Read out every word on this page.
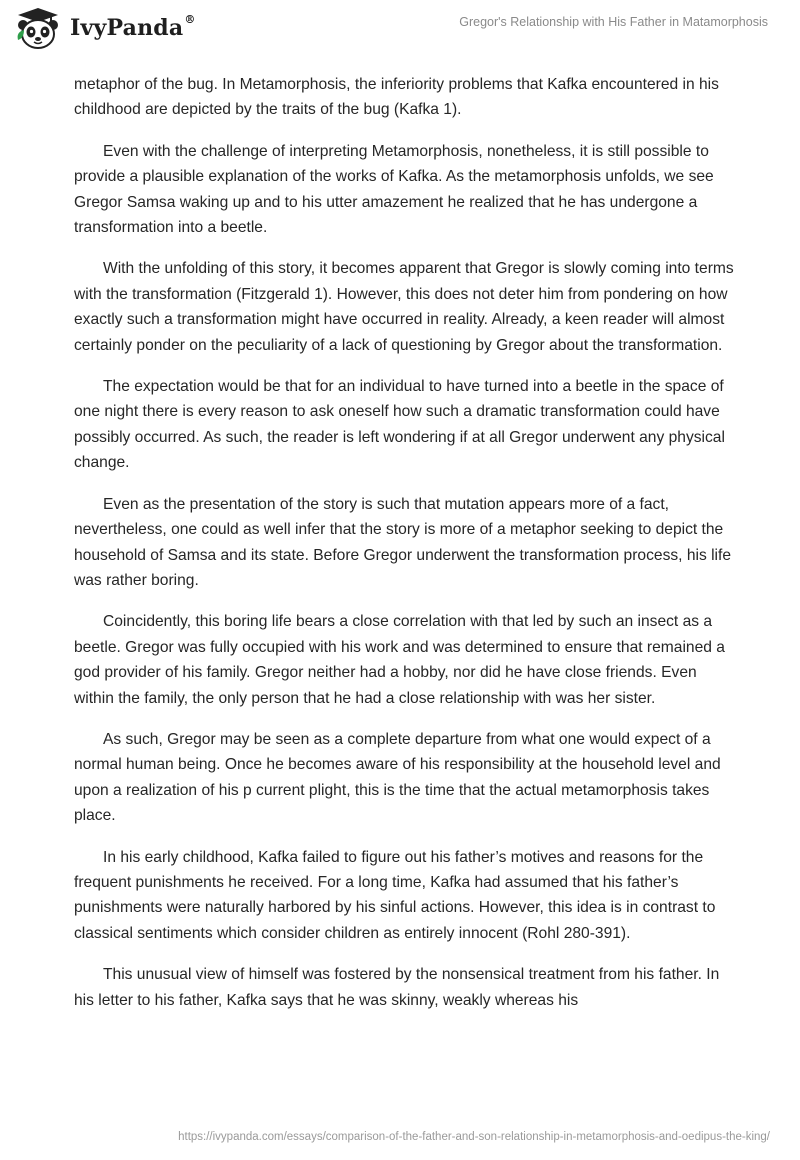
IvyPanda®	Gregor's Relationship with His Father in Matamorphosis

metaphor of the bug. In Metamorphosis, the inferiority problems that Kafka encountered in his childhood are depicted by the traits of the bug (Kafka 1).

Even with the challenge of interpreting Metamorphosis, nonetheless, it is still possible to provide a plausible explanation of the works of Kafka. As the metamorphosis unfolds, we see Gregor Samsa waking up and to his utter amazement he realized that he has undergone a transformation into a beetle.

With the unfolding of this story, it becomes apparent that Gregor is slowly coming into terms with the transformation (Fitzgerald 1). However, this does not deter him from pondering on how exactly such a transformation might have occurred in reality. Already, a keen reader will almost certainly ponder on the peculiarity of a lack of questioning by Gregor about the transformation.

The expectation would be that for an individual to have turned into a beetle in the space of one night there is every reason to ask oneself how such a dramatic transformation could have possibly occurred. As such, the reader is left wondering if at all Gregor underwent any physical change.

Even as the presentation of the story is such that mutation appears more of a fact, nevertheless, one could as well infer that the story is more of a metaphor seeking to depict the household of Samsa and its state. Before Gregor underwent the transformation process, his life was rather boring.

Coincidently, this boring life bears a close correlation with that led by such an insect as a beetle. Gregor was fully occupied with his work and was determined to ensure that remained a god provider of his family. Gregor neither had a hobby, nor did he have close friends. Even within the family, the only person that he had a close relationship with was her sister.

As such, Gregor may be seen as a complete departure from what one would expect of a normal human being. Once he becomes aware of his responsibility at the household level and upon a realization of his p current plight, this is the time that the actual metamorphosis takes place.

In his early childhood, Kafka failed to figure out his father’s motives and reasons for the frequent punishments he received. For a long time, Kafka had assumed that his father’s punishments were naturally harbored by his sinful actions. However, this idea is in contrast to classical sentiments which consider children as entirely innocent (Rohl 280-391).

This unusual view of himself was fostered by the nonsensical treatment from his father. In his letter to his father, Kafka says that he was skinny, weakly whereas his

https://ivypanda.com/essays/comparison-of-the-father-and-son-relationship-in-metamorphosis-and-oedipus-the-king/
